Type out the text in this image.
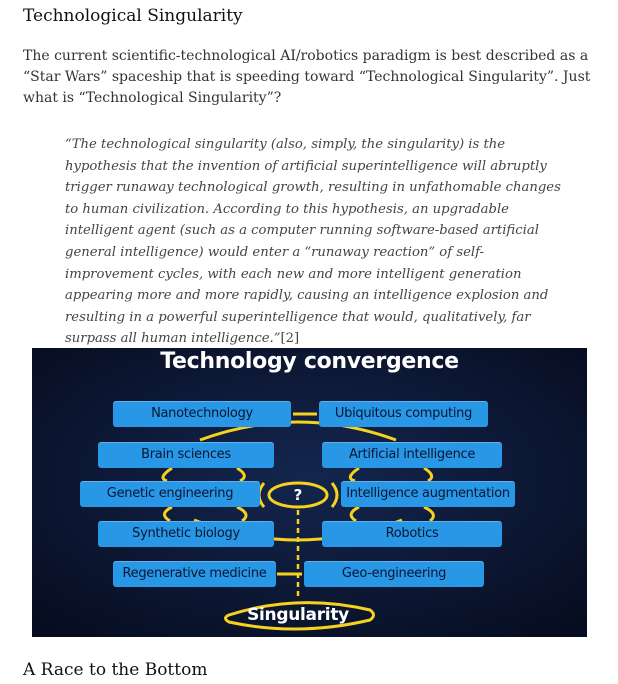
Technological Singularity
The current scientific-technological AI/robotics paradigm is best described as a “Star Wars” spaceship that is speeding toward “Technological Singularity”. Just what is “Technological Singularity”?
“The technological singularity (also, simply, the singularity) is the hypothesis that the invention of artificial superintelligence will abruptly trigger runaway technological growth, resulting in unfathomable changes to human civilization. According to this hypothesis, an upgradable intelligent agent (such as a computer running software-based artificial general intelligence) would enter a “runaway reaction” of self-improvement cycles, with each new and more intelligent generation appearing more and more rapidly, causing an intelligence explosion and resulting in a powerful superintelligence that would, qualitatively, far surpass all human intelligence.”[2]
Technology convergence
Nanotechnology
Brain sciences
Genetic engineering
Synthetic biology
Regenerative medicine
Ubiquitous computing
Artificial intelligence
Intelligence augmentation
Robotics
Geo-engineering
?
Singularity
A Race to the Bottom
